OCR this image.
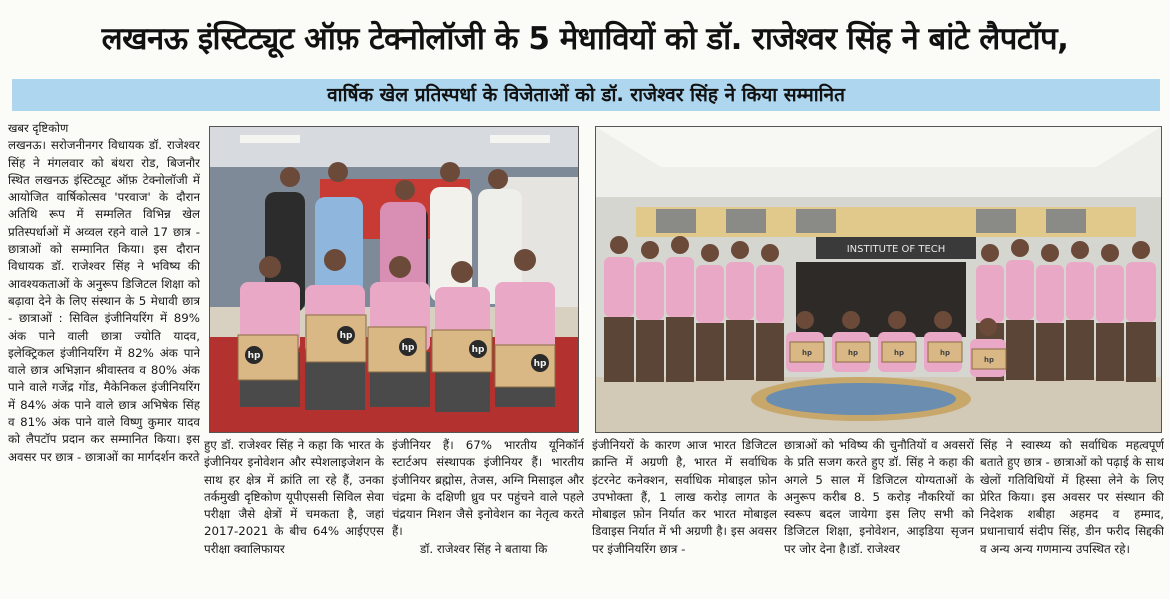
लखनऊ इंस्टिट्यूट ऑफ़ टेक्नोलॉजी के 5 मेधावियों को डॉ. राजेश्वर सिंह ने बांटे लैपटॉप,
वार्षिक खेल प्रतिस्पर्धा के विजेताओं को डॉ. राजेश्वर सिंह ने किया सम्मानित

खबर दृष्टिकोण

लखनऊ। सरोजनीनगर विधायक डॉ. राजेश्वर सिंह ने मंगलवार को बंथरा रोड, बिजनौर स्थित लखनऊ इंस्टिट्यूट ऑफ़ टेक्नोलॉजी में आयोजित वार्षिकोत्सव 'परवाज' के दौरान अतिथि रूप में सम्मलित विभिन्न खेल प्रतिस्पर्धाओं में अव्वल रहने वाले 17 छात्र - छात्राओं को सम्मानित किया। इस दौरान विधायक डॉ. राजेश्वर सिंह ने भविष्य की आवश्यकताओं के अनुरूप डिजिटल शिक्षा को बढ़ावा देने के लिए संस्थान के 5 मेधावी छात्र - छात्राओं : सिविल इंजीनियरिंग में 89% अंक पाने वाली छात्रा ज्योति यादव, इलेक्ट्रिकल इंजीनियरिंग में 82% अंक पाने वाले छात्र अभिज्ञान श्रीवास्तव व 80% अंक पाने वाले गजेंद्र गोंड, मैकेनिकल इंजीनियरिंग में 84% अंक पाने वाले छात्र अभिषेक सिंह व 81% अंक पाने वाले विष्णु कुमार यादव को लैपटॉप प्रदान कर सम्मानित किया। इस अवसर पर छात्र - छात्राओं का मार्गदर्शन करते

hp
hp
hp	hp
hp
INSTITUTE OF TECH
hp	hp	hp	hp
hp
हुए डॉ. राजेश्वर सिंह ने कहा कि भारत के इंजीनियर इनोवेशन और स्पेशलाइजेशन के साथ हर क्षेत्र में क्रांति ला रहे हैं, उनका तर्कमुखी दृष्टिकोण यूपीएससी सिविल सेवा परीक्षा जैसे क्षेत्रों में चमकता है, जहां 2017-2021 के बीच 64% आईएएस परीक्षा क्वालिफायर

इंजीनियर हैं। 67% भारतीय यूनिकॉर्न स्टार्टअप संस्थापक इंजीनियर हैं। भारतीय इंजीनियर ब्रह्मोस, तेजस, अग्नि मिसाइल और चंद्रमा के दक्षिणी ध्रुव पर पहुंचने वाले पहले चंद्रयान मिशन जैसे इनोवेशन का नेतृत्व करते हैं।

डॉ. राजेश्वर सिंह ने बताया कि

इंजीनियरों के कारण आज भारत डिजिटल क्रान्ति में अग्रणी है, भारत में सर्वाधिक इंटरनेट कनेक्शन, सर्वाधिक मोबाइल फ़ोन उपभोक्ता हैं, 1 लाख करोड़ लागत के मोबाइल फ़ोन निर्यात कर भारत मोबाइल डिवाइस निर्यात में भी अग्रणी है। इस अवसर पर इंजीनियरिंग छात्र -
छात्राओं को भविष्य की चुनौतियों व अवसरों के प्रति सजग करते हुए डॉ. सिंह ने कहा की अगले 5 साल में डिजिटल योग्यताओं के अनुरूप करीब 8. 5 करोड़ नौकरियों का स्वरूप बदल जायेगा इस लिए सभी को डिजिटल शिक्षा, इनोवेशन, आइडिया सृजन पर जोर देना है।डॉ. राजेश्वर
सिंह ने स्वास्थ्य को सर्वाधिक महत्वपूर्ण बताते हुए छात्र - छात्राओं को पढ़ाई के साथ खेलों गतिविधियों में हिस्सा लेने के लिए प्रेरित किया। इस अवसर पर संस्थान की निदेशक शबीहा अहमद व हम्माद, प्रधानाचार्य संदीप सिंह, डीन फरीद सिद्दकी व अन्य अन्य गणमान्य उपस्थित रहे।
